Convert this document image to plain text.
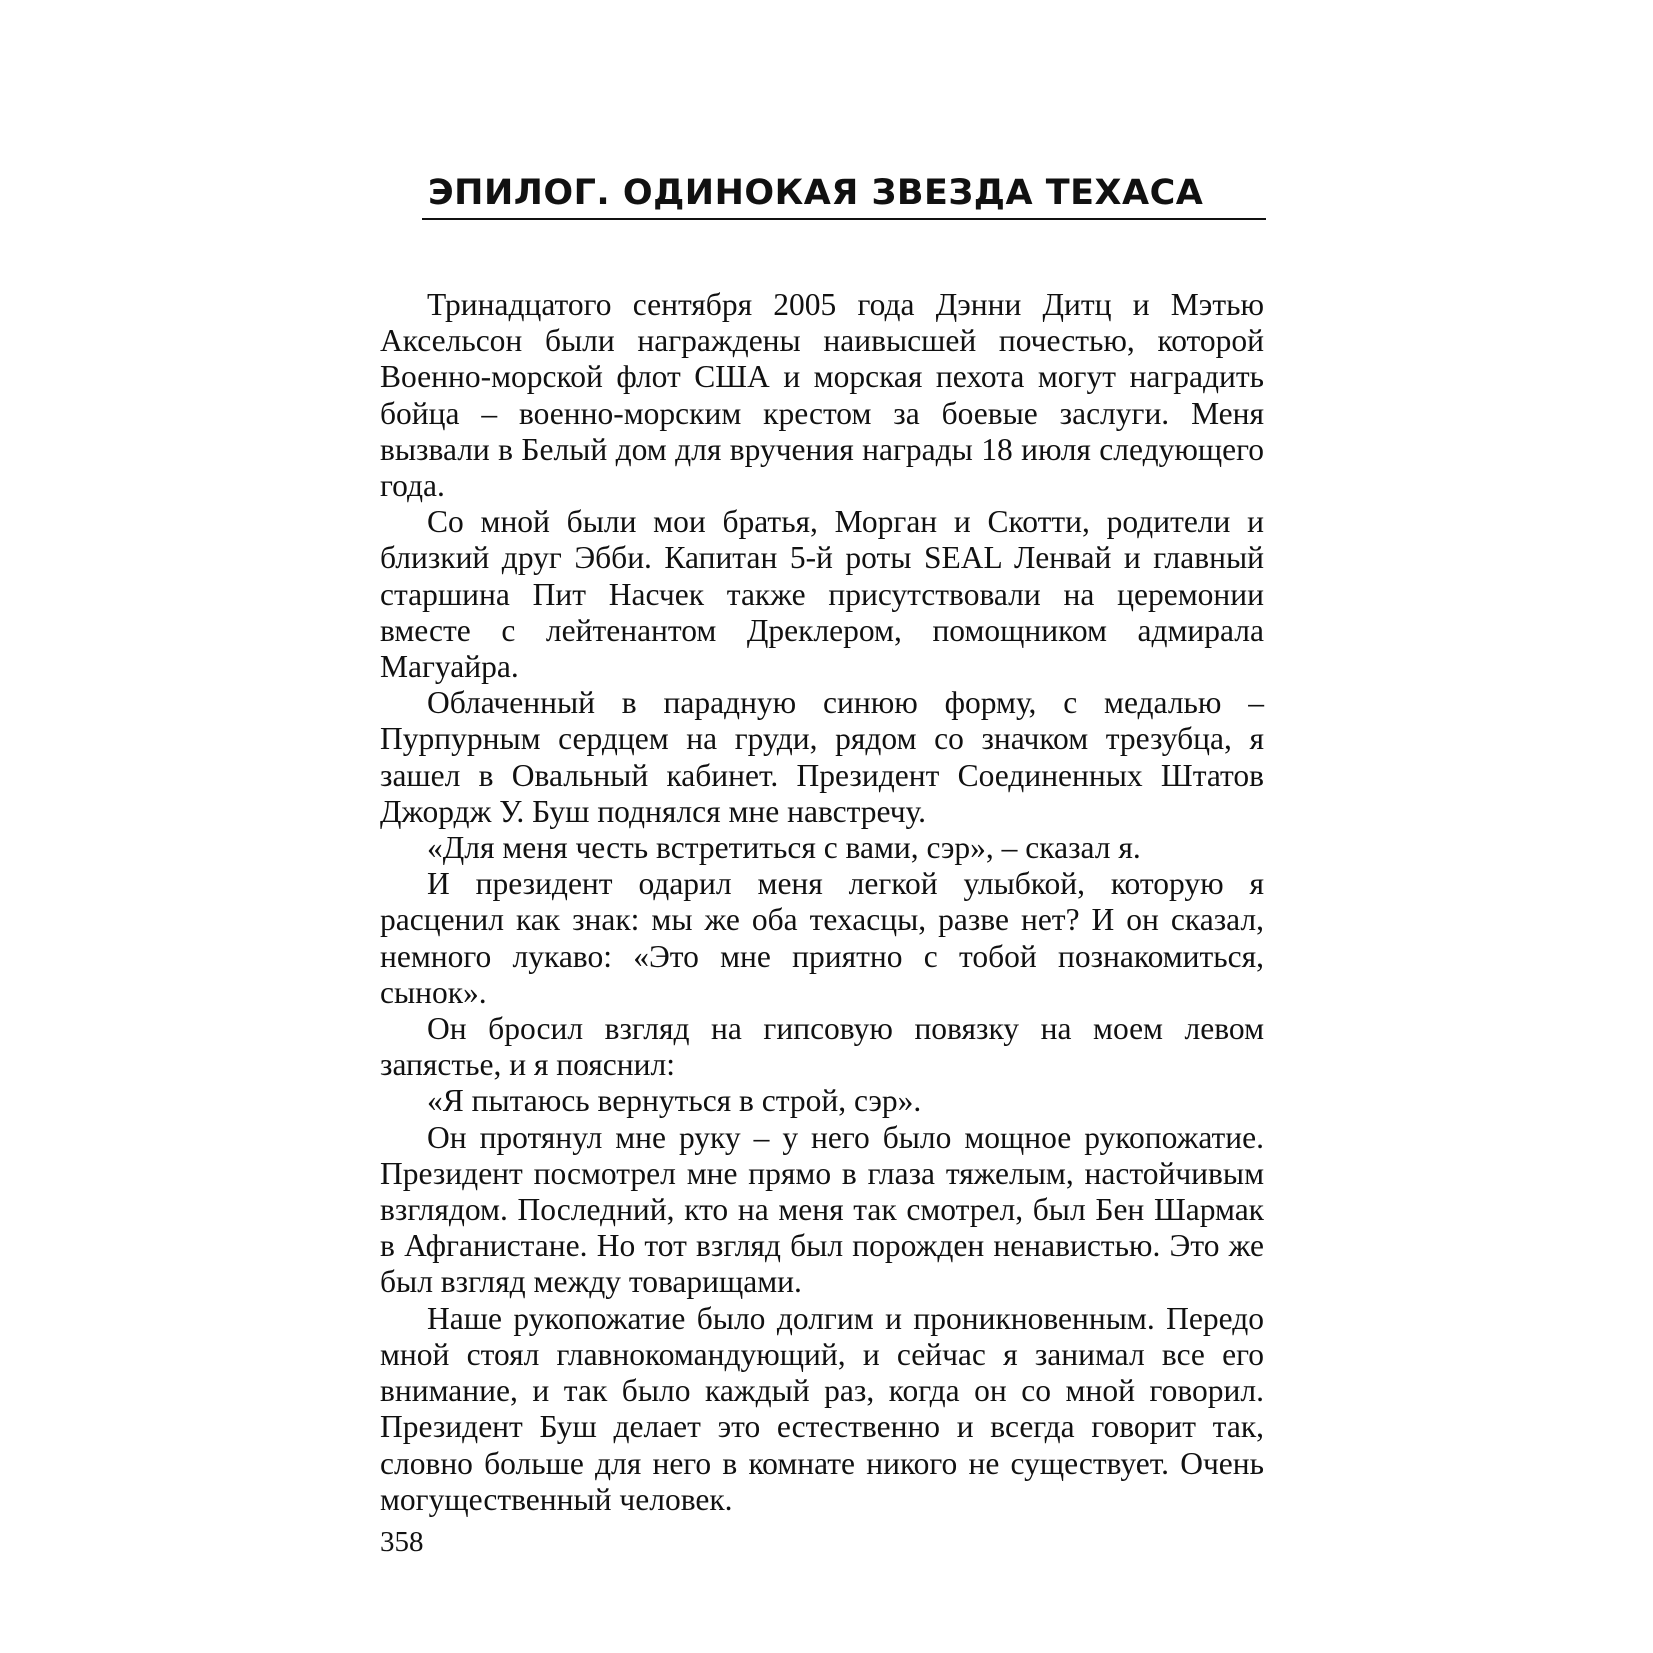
ЭПИЛОГ. ОДИНОКАЯ ЗВЕЗДА ТЕХАСА

Тринадцатого сентября 2005 года Дэнни Дитц и Мэтью Аксельсон были награждены наивысшей почестью, которой Военно-морской флот США и морская пехота могут наградить бойца – военно-морским крестом за боевые заслуги. Меня вызвали в Белый дом для вручения награды 18 июля следующего года.

Со мной были мои братья, Морган и Скотти, родители и близкий друг Эбби. Капитан 5-й роты SEAL Ленвай и главный старшина Пит Насчек также присутствовали на церемонии вместе с лейтенантом Дреклером, помощником адмирала Магуайра.

Облаченный в парадную синюю форму, с медалью – Пурпурным сердцем на груди, рядом со значком трезубца, я зашел в Овальный кабинет. Президент Соединенных Штатов Джордж У. Буш поднялся мне навстречу.

«Для меня честь встретиться с вами, сэр», – сказал я.

И президент одарил меня легкой улыбкой, которую я расценил как знак: мы же оба техасцы, разве нет? И он сказал, немного лукаво: «Это мне приятно с тобой познакомиться, сынок».

Он бросил взгляд на гипсовую повязку на моем левом запястье, и я пояснил:

«Я пытаюсь вернуться в строй, сэр».

Он протянул мне руку – у него было мощное рукопожатие. Президент посмотрел мне прямо в глаза тяжелым, настойчивым взглядом. Последний, кто на меня так смотрел, был Бен Шармак в Афганистане. Но тот взгляд был порожден ненавистью. Это же был взгляд между товарищами.

Наше рукопожатие было долгим и проникновенным. Передо мной стоял главнокомандующий, и сейчас я занимал все его внимание, и так было каждый раз, когда он со мной говорил. Президент Буш делает это естественно и всегда говорит так, словно больше для него в комнате никого не существует. Очень могущественный человек.

358
